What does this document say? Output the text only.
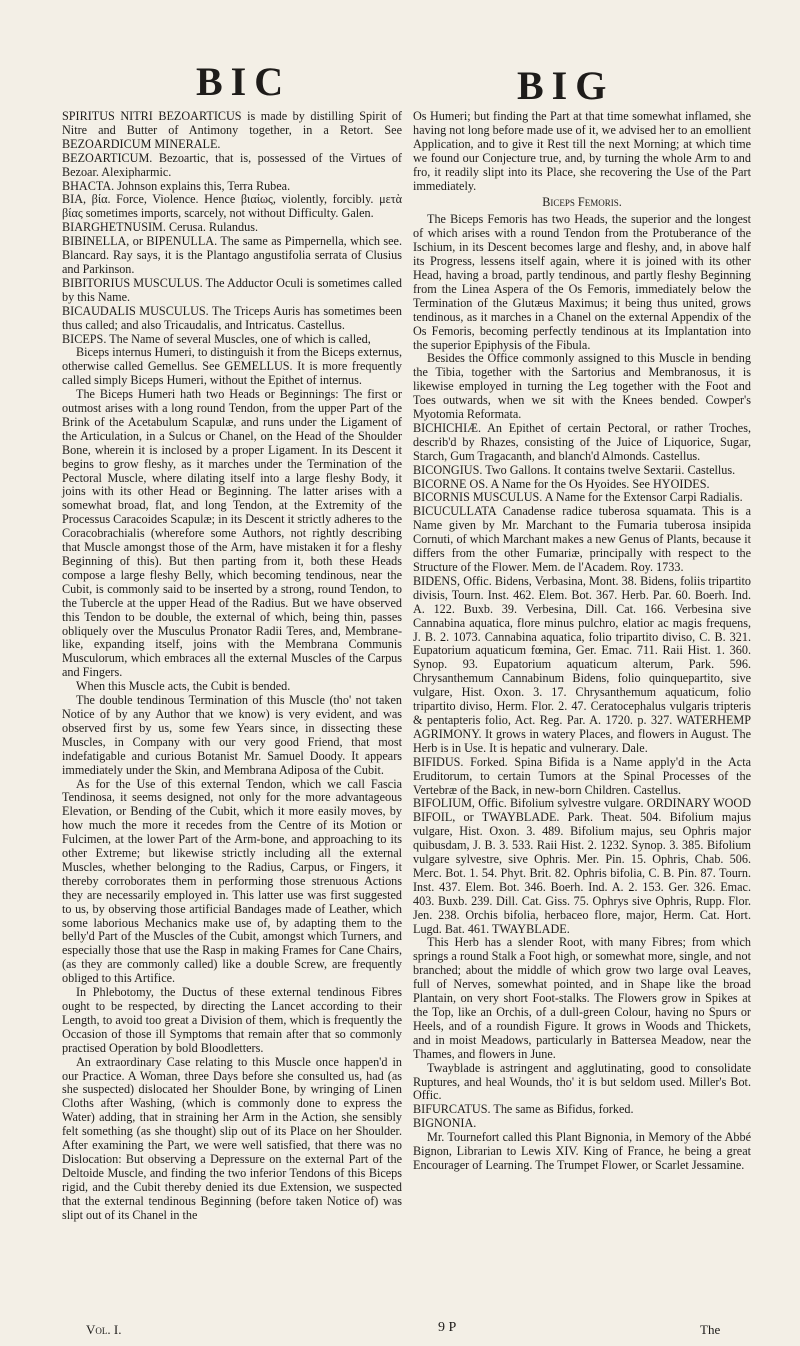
BIC	BIG

SPIRITUS NITRI BEZOARTICUS is made by distilling Spirit of Nitre and Butter of Antimony together, in a Retort. See BEZOARDICUM MINERALE.

BEZOARTICUM. Bezoartic, that is, possessed of the Virtues of Bezoar. Alexipharmic.

BHACTA. Johnson explains this, Terra Rubea.

BIA, βία. Force, Violence. Hence βιαίως, violently, forcibly. μετὰ βίας sometimes imports, scarcely, not without Difficulty. Galen.

BIARGHETNUSIM. Cerusa. Rulandus.

BIBINELLA, or BIPENULLA. The same as Pimpernella, which see. Blancard. Ray says, it is the Plantago angustifolia serrata of Clusius and Parkinson.

BIBITORIUS MUSCULUS. The Adductor Oculi is sometimes called by this Name.

BICAUDALIS MUSCULUS. The Triceps Auris has sometimes been thus called; and also Tricaudalis, and Intricatus. Castellus.

BICEPS. The Name of several Muscles, one of which is called,

Biceps internus Humeri, to distinguish it from the Biceps externus, otherwise called Gemellus. See GEMELLUS. It is more frequently called simply Biceps Humeri, without the Epithet of internus.

The Biceps Humeri hath two Heads or Beginnings: The first or outmost arises with a long round Tendon, from the upper Part of the Brink of the Acetabulum Scapulæ, and runs under the Ligament of the Articulation, in a Sulcus or Chanel, on the Head of the Shoulder Bone, wherein it is inclosed by a proper Ligament. In its Descent it begins to grow fleshy, as it marches under the Termination of the Pectoral Muscle, where dilating itself into a large fleshy Body, it joins with its other Head or Beginning. The latter arises with a somewhat broad, flat, and long Tendon, at the Extremity of the Processus Caracoides Scapulæ; in its Descent it strictly adheres to the Coracobrachialis (wherefore some Authors, not rightly describing that Muscle amongst those of the Arm, have mistaken it for a fleshy Beginning of this). But then parting from it, both these Heads compose a large fleshy Belly, which becoming tendinous, near the Cubit, is commonly said to be inserted by a strong, round Tendon, to the Tubercle at the upper Head of the Radius. But we have observed this Tendon to be double, the external of which, being thin, passes obliquely over the Musculus Pronator Radii Teres, and, Membrane-like, expanding itself, joins with the Membrana Communis Musculorum, which embraces all the external Muscles of the Carpus and Fingers.

When this Muscle acts, the Cubit is bended.

The double tendinous Termination of this Muscle (tho' not taken Notice of by any Author that we know) is very evident, and was observed first by us, some few Years since, in dissecting these Muscles, in Company with our very good Friend, that most indefatigable and curious Botanist Mr. Samuel Doody. It appears immediately under the Skin, and Membrana Adiposa of the Cubit.

As for the Use of this external Tendon, which we call Fascia Tendinosa, it seems designed, not only for the more advantageous Elevation, or Bending of the Cubit, which it more easily moves, by how much the more it recedes from the Centre of its Motion or Fulcimen, at the lower Part of the Arm-bone, and approaching to its other Extreme; but likewise strictly including all the external Muscles, whether belonging to the Radius, Carpus, or Fingers, it thereby corroborates them in performing those strenuous Actions they are necessarily employed in. This latter use was first suggested to us, by observing those artificial Bandages made of Leather, which some laborious Mechanics make use of, by adapting them to the belly'd Part of the Muscles of the Cubit, amongst which Turners, and especially those that use the Rasp in making Frames for Cane Chairs, (as they are commonly called) like a double Screw, are frequently obliged to this Artifice.

In Phlebotomy, the Ductus of these external tendinous Fibres ought to be respected, by directing the Lancet according to their Length, to avoid too great a Division of them, which is frequently the Occasion of those ill Symptoms that remain after that so commonly practised Operation by bold Bloodletters.

An extraordinary Case relating to this Muscle once happen'd in our Practice. A Woman, three Days before she consulted us, had (as she suspected) dislocated her Shoulder Bone, by wringing of Linen Cloths after Washing, (which is commonly done to express the Water) adding, that in straining her Arm in the Action, she sensibly felt something (as she thought) slip out of its Place on her Shoulder. After examining the Part, we were well satisfied, that there was no Dislocation: But observing a Depressure on the external Part of the Deltoide Muscle, and finding the two inferior Tendons of this Biceps rigid, and the Cubit thereby denied its due Extension, we suspected that the external tendinous Beginning (before taken Notice of) was slipt out of its Chanel in the

Os Humeri; but finding the Part at that time somewhat inflamed, she having not long before made use of it, we advised her to an emollient Application, and to give it Rest till the next Morning; at which time we found our Conjecture true, and, by turning the whole Arm to and fro, it readily slipt into its Place, she recovering the Use of the Part immediately.

Biceps Femoris.

The Biceps Femoris has two Heads, the superior and the longest of which arises with a round Tendon from the Protuberance of the Ischium, in its Descent becomes large and fleshy, and, in above half its Progress, lessens itself again, where it is joined with its other Head, having a broad, partly tendinous, and partly fleshy Beginning from the Linea Aspera of the Os Femoris, immediately below the Termination of the Glutæus Maximus; it being thus united, grows tendinous, as it marches in a Chanel on the external Appendix of the Os Femoris, becoming perfectly tendinous at its Implantation into the superior Epiphysis of the Fibula.

Besides the Office commonly assigned to this Muscle in bending the Tibia, together with the Sartorius and Membranosus, it is likewise employed in turning the Leg together with the Foot and Toes outwards, when we sit with the Knees bended. Cowper's Myotomia Reformata.

BICHICHIÆ. An Epithet of certain Pectoral, or rather Troches, describ'd by Rhazes, consisting of the Juice of Liquorice, Sugar, Starch, Gum Tragacanth, and blanch'd Almonds. Castellus.

BICONGIUS. Two Gallons. It contains twelve Sextarii. Castellus.

BICORNE OS. A Name for the Os Hyoides. See HYOIDES.

BICORNIS MUSCULUS. A Name for the Extensor Carpi Radialis.

BICUCULLATA Canadense radice tuberosa squamata. This is a Name given by Mr. Marchant to the Fumaria tuberosa insipida Cornuti, of which Marchant makes a new Genus of Plants, because it differs from the other Fumariæ, principally with respect to the Structure of the Flower. Mem. de l'Academ. Roy. 1733.

BIDENS, Offic. Bidens, Verbasina, Mont. 38. Bidens, foliis tripartito divisis, Tourn. Inst. 462. Elem. Bot. 367. Herb. Par. 60. Boerh. Ind. A. 122. Buxb. 39. Verbesina, Dill. Cat. 166. Verbesina sive Cannabina aquatica, flore minus pulchro, elatior ac magis frequens, J. B. 2. 1073. Cannabina aquatica, folio tripartito diviso, C. B. 321. Eupatorium aquaticum fœmina, Ger. Emac. 711. Raii Hist. 1. 360. Synop. 93. Eupatorium aquaticum alterum, Park. 596. Chrysanthemum Cannabinum Bidens, folio quinquepartito, sive vulgare, Hist. Oxon. 3. 17. Chrysanthemum aquaticum, folio tripartito diviso, Herm. Flor. 2. 47. Ceratocephalus vulgaris tripteris & pentapteris folio, Act. Reg. Par. A. 1720. p. 327. WATERHEMP AGRIMONY. It grows in watery Places, and flowers in August. The Herb is in Use. It is hepatic and vulnerary. Dale.

BIFIDUS. Forked. Spina Bifida is a Name apply'd in the Acta Eruditorum, to certain Tumors at the Spinal Processes of the Vertebræ of the Back, in new-born Children. Castellus.

BIFOLIUM, Offic. Bifolium sylvestre vulgare. ORDINARY WOOD BIFOIL, or TWAYBLADE. Park. Theat. 504. Bifolium majus vulgare, Hist. Oxon. 3. 489. Bifolium majus, seu Ophris major quibusdam, J. B. 3. 533. Raii Hist. 2. 1232. Synop. 3. 385. Bifolium vulgare sylvestre, sive Ophris. Mer. Pin. 15. Ophris, Chab. 506. Merc. Bot. 1. 54. Phyt. Brit. 82. Ophris bifolia, C. B. Pin. 87. Tourn. Inst. 437. Elem. Bot. 346. Boerh. Ind. A. 2. 153. Ger. 326. Emac. 403. Buxb. 239. Dill. Cat. Giss. 75. Ophrys sive Ophris, Rupp. Flor. Jen. 238. Orchis bifolia, herbaceo flore, major, Herm. Cat. Hort. Lugd. Bat. 461. TWAYBLADE.

This Herb has a slender Root, with many Fibres; from which springs a round Stalk a Foot high, or somewhat more, single, and not branched; about the middle of which grow two large oval Leaves, full of Nerves, somewhat pointed, and in Shape like the broad Plantain, on very short Foot-stalks. The Flowers grow in Spikes at the Top, like an Orchis, of a dull-green Colour, having no Spurs or Heels, and of a roundish Figure. It grows in Woods and Thickets, and in moist Meadows, particularly in Battersea Meadow, near the Thames, and flowers in June.

Twayblade is astringent and agglutinating, good to consolidate Ruptures, and heal Wounds, tho' it is but seldom used. Miller's Bot. Offic.

BIFURCATUS. The same as Bifidus, forked.

BIGNONIA.

Mr. Tournefort called this Plant Bignonia, in Memory of the Abbé Bignon, Librarian to Lewis XIV. King of France, he being a great Encourager of Learning. The Trumpet Flower, or Scarlet Jessamine.

Vol. I.	9 P	The
